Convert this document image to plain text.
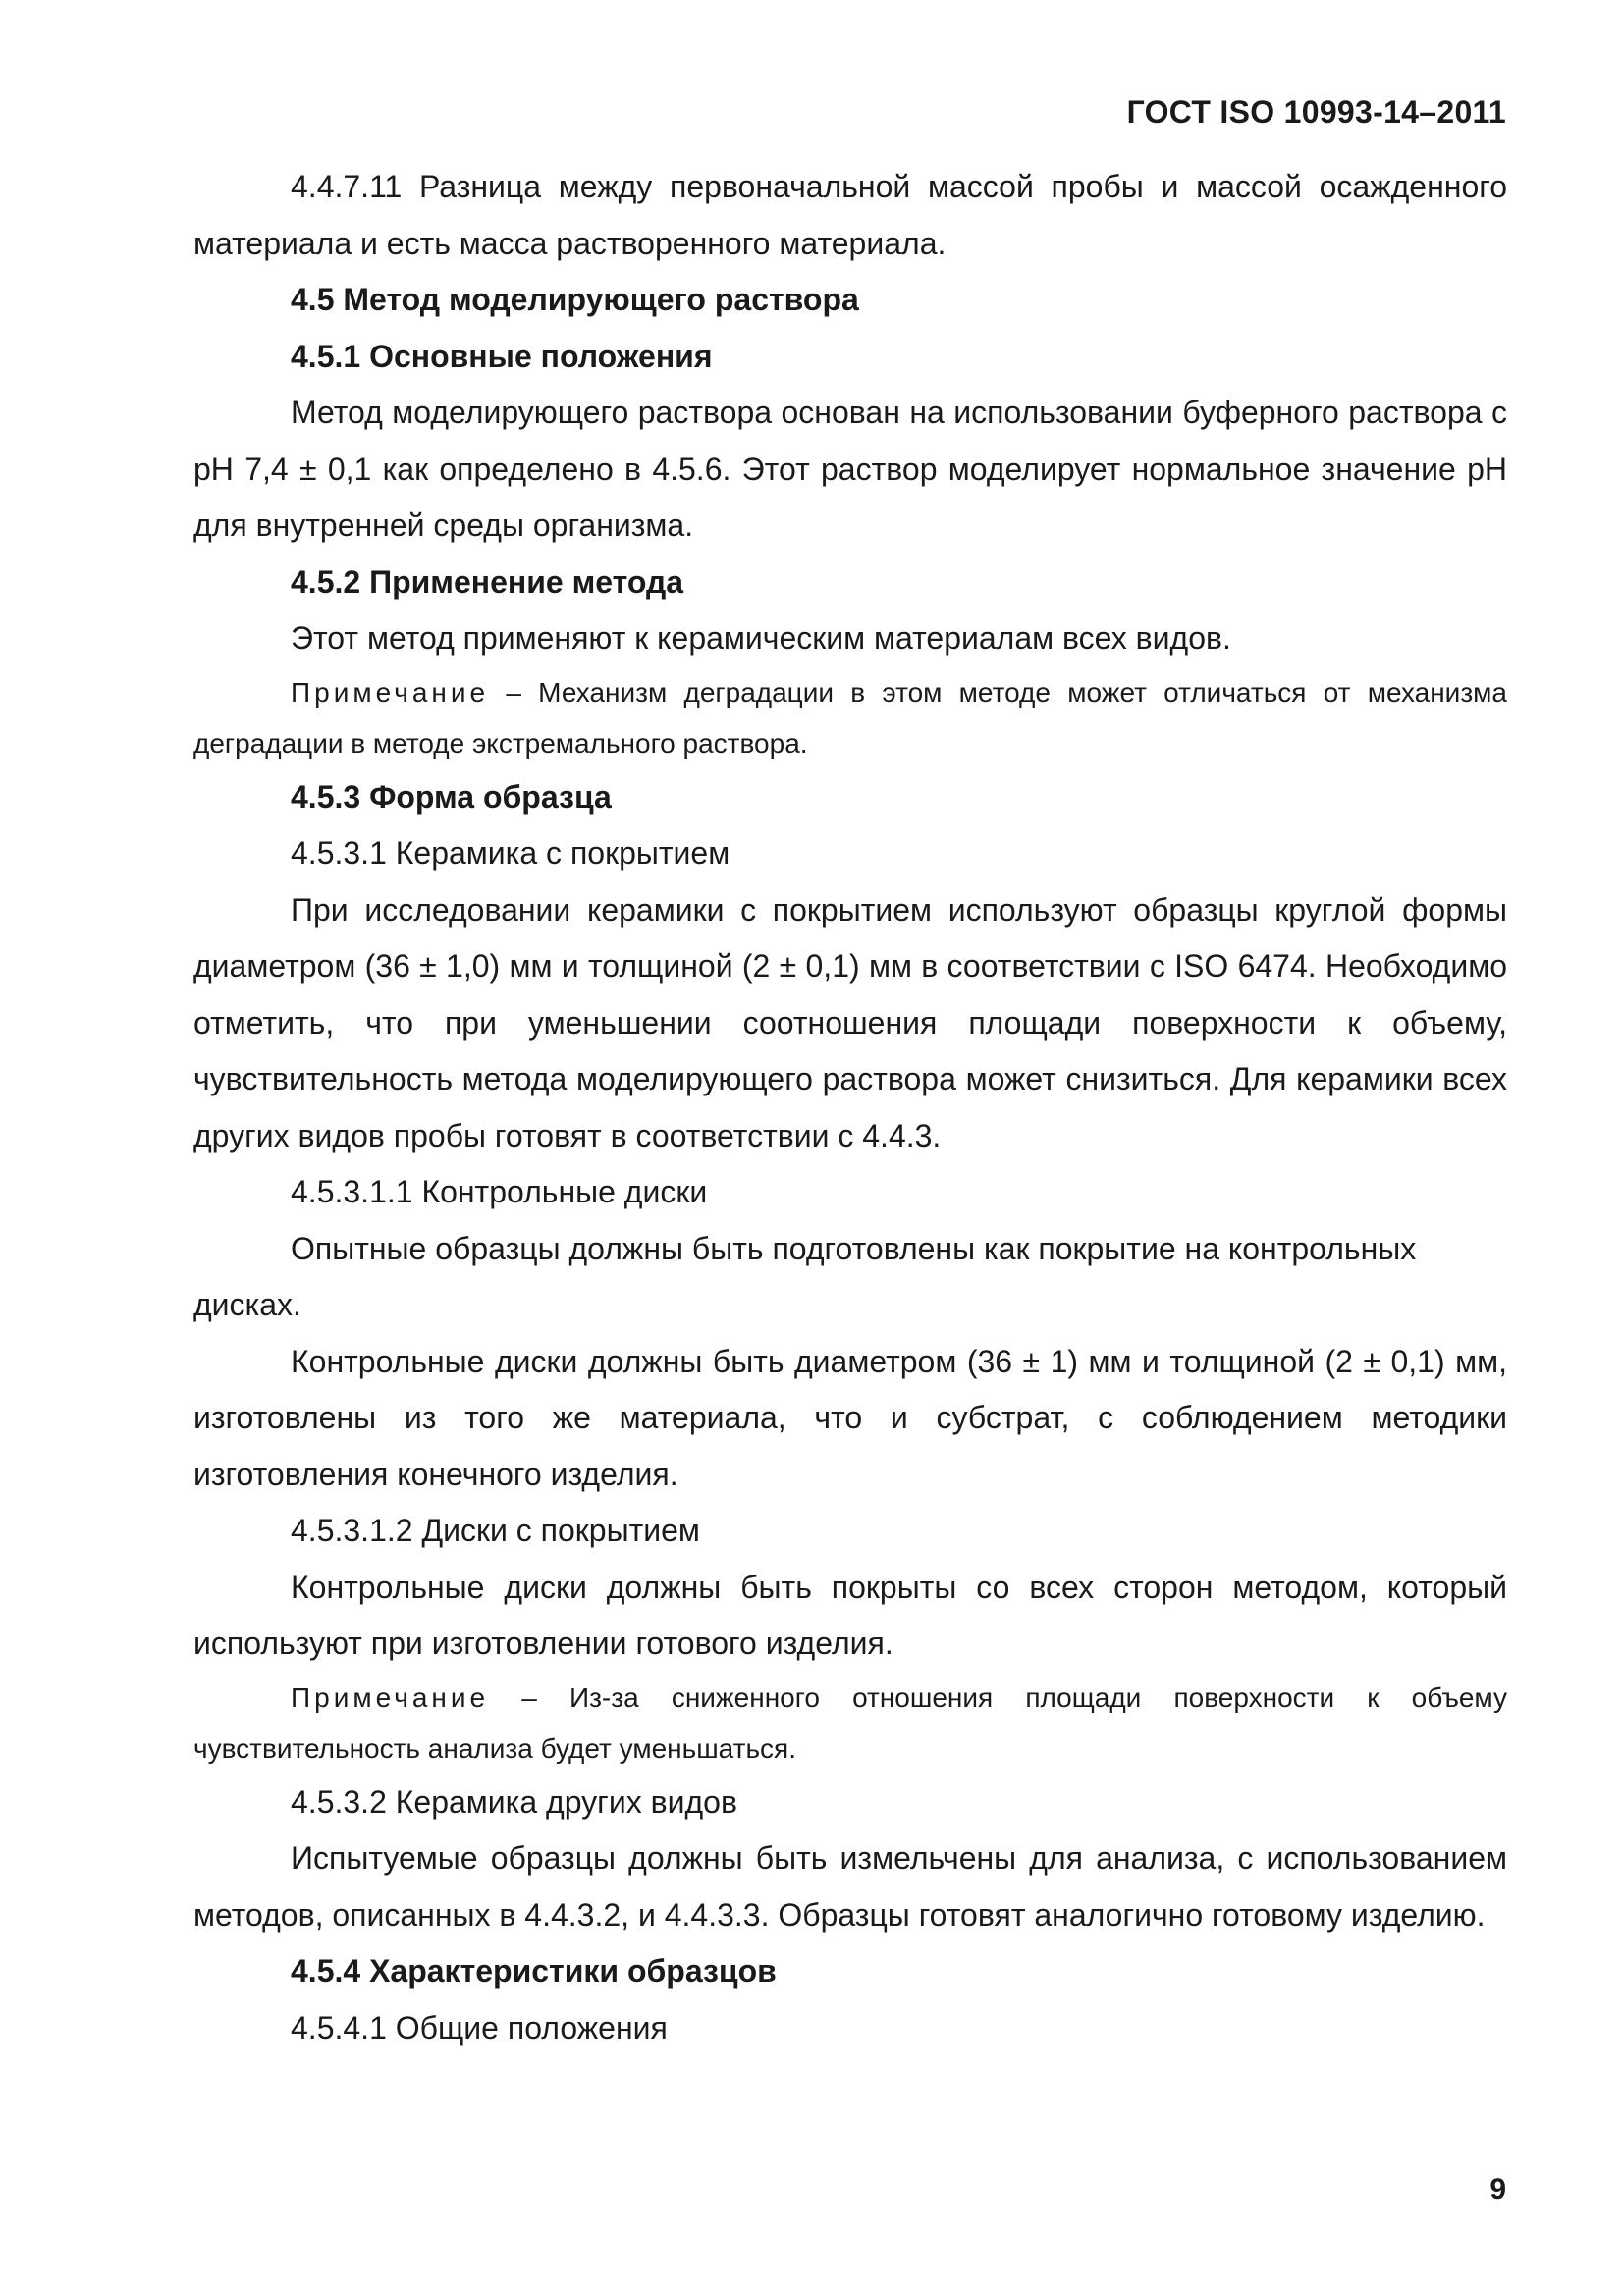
ГОСТ ISO 10993-14–2011

4.4.7.11 Разница между первоначальной массой пробы и массой осажденного материала и есть масса растворенного материала.

4.5 Метод моделирующего раствора

4.5.1 Основные положения

Метод моделирующего раствора основан на использовании буферного раствора с pH 7,4 ± 0,1 как определено в 4.5.6. Этот раствор моделирует нормальное значение pH для внутренней среды организма.

4.5.2 Применение метода

Этот метод применяют к керамическим материалам всех видов.

Примечание – Механизм деградации в этом методе может отличаться от механизма деградации в методе экстремального раствора.

4.5.3 Форма образца

4.5.3.1 Керамика с покрытием

При исследовании керамики с покрытием используют образцы круглой формы диаметром (36 ± 1,0) мм и толщиной (2 ± 0,1) мм в соответствии с ISO 6474. Необходимо отметить, что при уменьшении соотношения площади поверхности к объему, чувствительность метода моделирующего раствора может снизиться. Для керамики всех других видов пробы готовят в соответствии с 4.4.3.

4.5.3.1.1 Контрольные диски

Опытные образцы должны быть подготовлены как покрытие на контрольных дисках.

Контрольные диски должны быть диаметром (36 ± 1) мм и толщиной (2 ± 0,1) мм, изготовлены из того же материала, что и субстрат, с соблюдением методики изготовления конечного изделия.

4.5.3.1.2 Диски с покрытием

Контрольные диски должны быть покрыты со всех сторон методом, который используют при изготовлении готового изделия.

Примечание – Из-за сниженного отношения площади поверхности к объему чувствительность анализа будет уменьшаться.

4.5.3.2 Керамика других видов

Испытуемые образцы должны быть измельчены для анализа, с использованием методов, описанных в 4.4.3.2, и 4.4.3.3. Образцы готовят аналогично готовому изделию.

4.5.4 Характеристики образцов

4.5.4.1 Общие положения

9
